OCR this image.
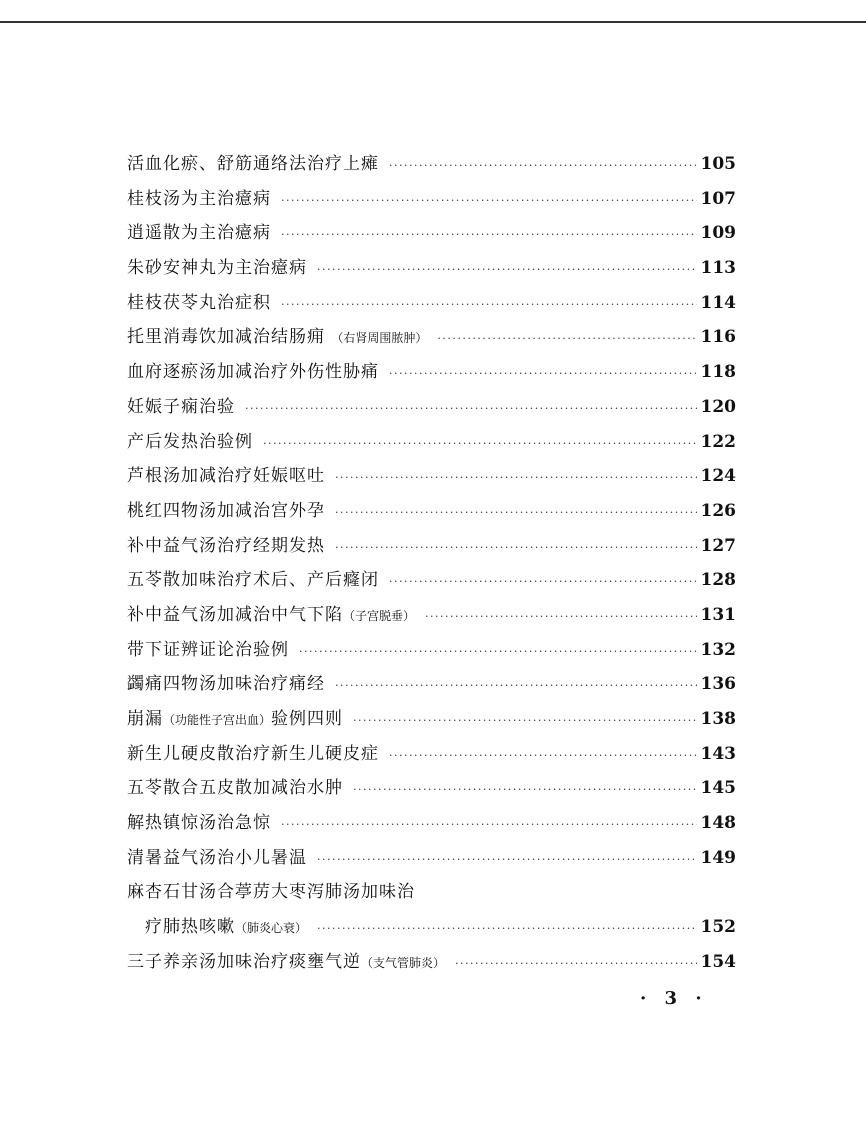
活血化瘀、舒筋通络法治疗上瘫 ·····	105
桂枝汤为主治癔病 ·····	107
逍遥散为主治癔病 ·····	109
朱砂安神丸为主治癔病 ·····	113
桂枝茯苓丸治症积 ·····	114
托里消毒饮加减治结肠痈 （右肾周围脓肿） ·····	116
血府逐瘀汤加减治疗外伤性胁痛 ·····	118
妊娠子痫治验 ·····	120
产后发热治验例 ·····	122
芦根汤加减治疗妊娠呕吐 ·····	124
桃红四物汤加减治宫外孕 ·····	126
补中益气汤治疗经期发热 ·····	127
五苓散加味治疗术后、产后癃闭 ·····	128
补中益气汤加减治中气下陷（子宫脱垂） ·····	131
带下证辨证论治验例 ·····	132
蠲痛四物汤加味治疗痛经 ·····	136
崩漏（功能性子宫出血）验例四则 ·····	138
新生儿硬皮散治疗新生儿硬皮症 ·····	143
五苓散合五皮散加减治水肿 ·····	145
解热镇惊汤治急惊 ·····	148
清暑益气汤治小儿暑温 ·····	149
麻杏石甘汤合葶苈大枣泻肺汤加味治
疗肺热咳嗽（肺炎心衰） ·····	152
三子养亲汤加味治疗痰壅气逆（支气管肺炎） ·····	154
· 3 ·
